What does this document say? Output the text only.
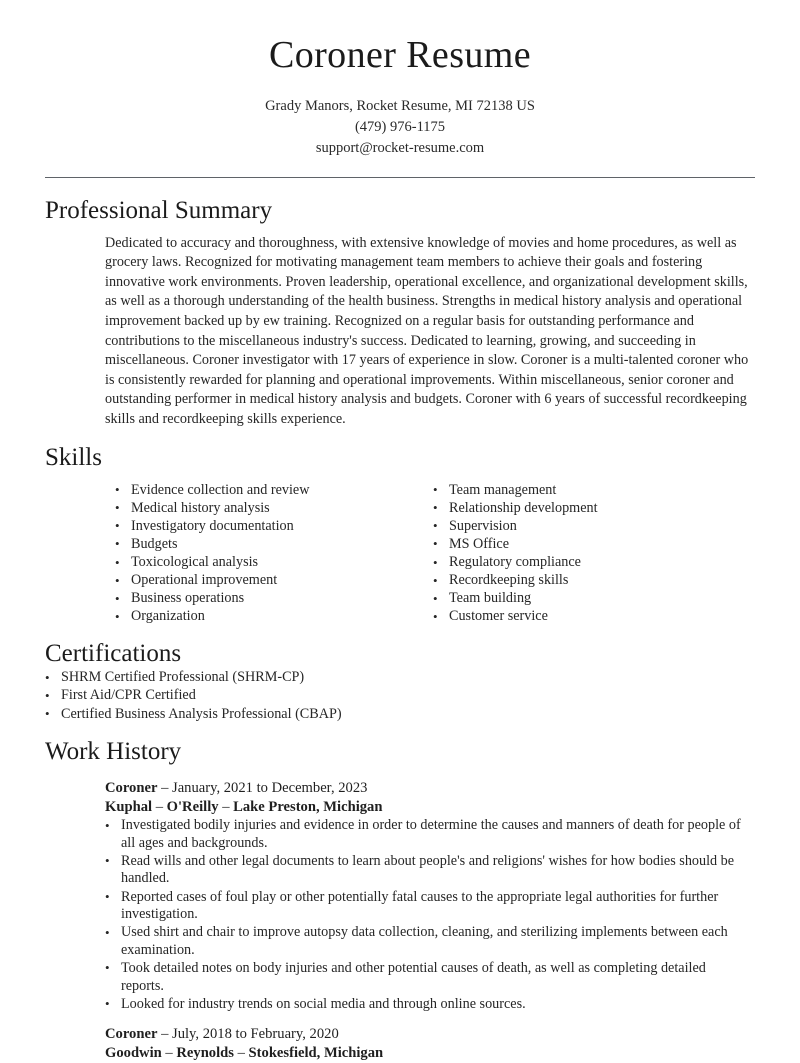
Coroner Resume

Grady Manors, Rocket Resume, MI 72138 US

(479) 976-1175

support@rocket-resume.com

Professional Summary

Dedicated to accuracy and thoroughness, with extensive knowledge of movies and home procedures, as well as grocery laws. Recognized for motivating management team members to achieve their goals and fostering innovative work environments. Proven leadership, operational excellence, and organizational development skills, as well as a thorough understanding of the health business. Strengths in medical history analysis and operational improvement backed up by ew training. Recognized on a regular basis for outstanding performance and contributions to the miscellaneous industry's success. Dedicated to learning, growing, and succeeding in miscellaneous. Coroner investigator with 17 years of experience in slow. Coroner is a multi-talented coroner who is consistently rewarded for planning and operational improvements. Within miscellaneous, senior coroner and outstanding performer in medical history analysis and budgets. Coroner with 6 years of successful recordkeeping skills and recordkeeping skills experience.

Skills
• Evidence collection and review
• Medical history analysis
• Investigatory documentation
• Budgets
• Toxicological analysis
• Operational improvement
• Business operations
• Organization
• Team management
• Relationship development
• Supervision
• MS Office
• Regulatory compliance
• Recordkeeping skills
• Team building
• Customer service
Certifications
• SHRM Certified Professional (SHRM-CP)
• First Aid/CPR Certified
• Certified Business Analysis Professional (CBAP)
Work History
Coroner – January, 2021 to December, 2023
Kuphal – O'Reilly – Lake Preston, Michigan
• Investigated bodily injuries and evidence in order to determine the causes and manners of death for people of all ages and backgrounds.
• Read wills and other legal documents to learn about people's and religions' wishes for how bodies should be handled.
• Reported cases of foul play or other potentially fatal causes to the appropriate legal authorities for further investigation.
• Used shirt and chair to improve autopsy data collection, cleaning, and sterilizing implements between each examination.
• Took detailed notes on body injuries and other potential causes of death, as well as completing detailed reports.
• Looked for industry trends on social media and through online sources.
Coroner – July, 2018 to February, 2020
Goodwin – Reynolds – Stokesfield, Michigan
